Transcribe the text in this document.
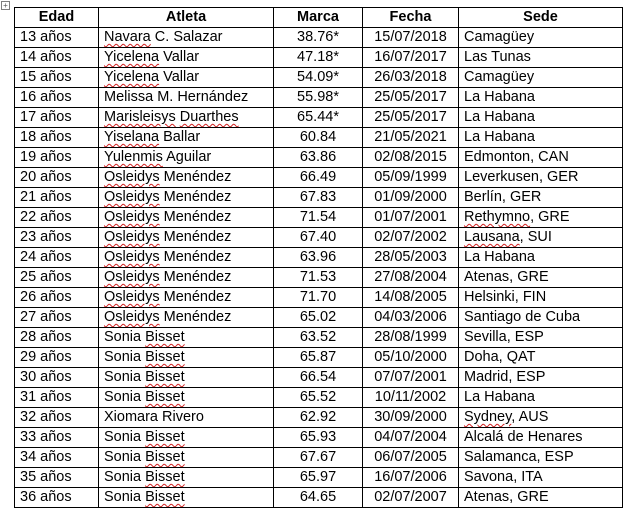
+
Edad	Atleta	Marca	Fecha	Sede
13 años	Navara C. Salazar	38.76*	15/07/2018	Camagüey
14 años	Yicelena Vallar	47.18*	16/07/2017	Las Tunas
15 años	Yicelena Vallar	54.09*	26/03/2018	Camagüey
16 años	Melissa M. Hernández	55.98*	25/05/2017	La Habana
17 años	Marisleisys Duarthes	65.44*	25/05/2017	La Habana
18 años	Yiselana Ballar	60.84	21/05/2021	La Habana
19 años	Yulenmis Aguilar	63.86	02/08/2015	Edmonton, CAN
20 años	Osleidys Menéndez	66.49	05/09/1999	Leverkusen, GER
21 años	Osleidys Menéndez	67.83	01/09/2000	Berlín, GER
22 años	Osleidys Menéndez	71.54	01/07/2001	Rethymno, GRE
23 años	Osleidys Menéndez	67.40	02/07/2002	Lausana, SUI
24 años	Osleidys Menéndez	63.96	28/05/2003	La Habana
25 años	Osleidys Menéndez	71.53	27/08/2004	Atenas, GRE
26 años	Osleidys Menéndez	71.70	14/08/2005	Helsinki, FIN
27 años	Osleidys Menéndez	65.02	04/03/2006	Santiago de Cuba
28 años	Sonia Bisset	63.52	28/08/1999	Sevilla, ESP
29 años	Sonia Bisset	65.87	05/10/2000	Doha, QAT
30 años	Sonia Bisset	66.54	07/07/2001	Madrid, ESP
31 años	Sonia Bisset	65.52	10/11/2002	La Habana
32 años	Xiomara Rivero	62.92	30/09/2000	Sydney, AUS
33 años	Sonia Bisset	65.93	04/07/2004	Alcalá de Henares
34 años	Sonia Bisset	67.67	06/07/2005	Salamanca, ESP
35 años	Sonia Bisset	65.97	16/07/2006	Savona, ITA
36 años	Sonia Bisset	64.65	02/07/2007	Atenas, GRE
